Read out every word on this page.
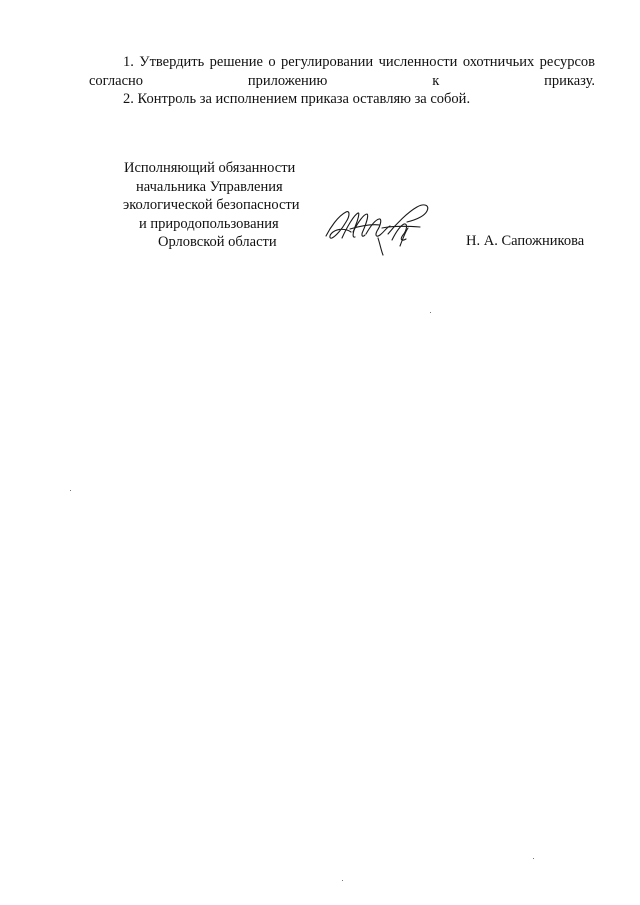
1. Утвердить решение о регулировании численности охотничьих ресурсов согласно приложению к приказу.

2. Контроль за исполнением приказа оставляю за собой.

Исполняющий обязанности
начальника Управления
экологической безопасности
и природопользования
Орловской области	Н. А. Сапожникова
